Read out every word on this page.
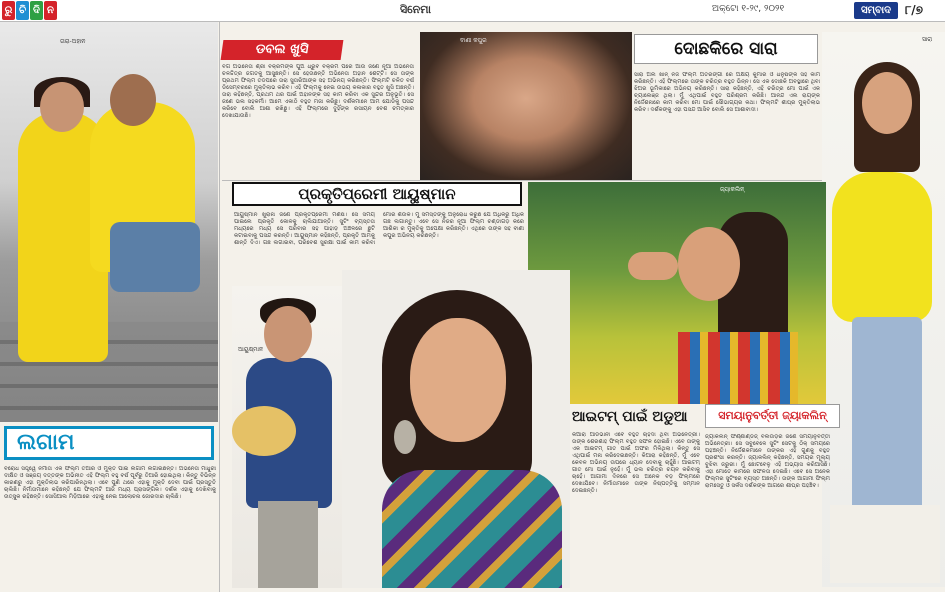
ରୁ ଚି ଦି ନ	ସିନେମା	ଅକ୍ଟୋ ୧-୨୯, ୨୦୨୧	ସମ୍ବାଦ	୮/୭
ତାରା-ଅହାନ
ଡବଲ ଖୁସି
ବିଗ ଅଭିନେତା ଶ୍ରୀ ବିକ୍ରମଙ୍କ ପୁଅ ଧ୍ରୁବ ବିକ୍ରମ ପରେ ଆଉ ଜଣେ ନୂଆ ଅଭିନେତା ଚଳଚ୍ଚିତ୍ର ଜଗତକୁ ଆସୁଛନ୍ତି। ସେ ହେଉଛନ୍ତି ଅଭିନେତା ଅହାନ ଶେଟ୍ଟି। ସେ ତାଙ୍କ ପ୍ରଥମ ଫିଲ୍ମ ତଡପରେ ତାରା ସୁତାରିଆଙ୍କ ସହ ଅଭିନୟ କରିଛନ୍ତି। ଫିଲ୍ମଟି ଚଳିତ ବର୍ଷ ଡିସେମ୍ବରରେ ମୁକ୍ତିଲାଭ କରିବ। ଏହି ଫିଲ୍ମକୁ ନେଇ ଉଭୟ କଳାକାର ବହୁତ ଖୁସି ଅଛନ୍ତି। ତାରା କହିଛନ୍ତି, ପ୍ରଥମ ଥର ପାଇଁ ଅହାନଙ୍କ ସହ କାମ କରିବା ଏକ ସୁନ୍ଦର ଅନୁଭୂତି। ସେ ଜଣେ ଭଲ ସହକର୍ମୀ। ଆମେ ଏକାଠି ବହୁତ ମଜା କରିଛୁ। ଦର୍ଶକମାନେ ଆମ ଯୋଡିକୁ ପସନ୍ଦ କରିବେ ବୋଲି ଆଶା ରଖିଛୁ। ଏହି ଫିଲ୍ମରେ ଦୁହିଁଙ୍କ ରସାୟନ ବେଶ ଚମତ୍କାର ଦେଖାଯାଉଛି।
ବାଣୀ କପୁର	ଦୋଛକିରେ ସାରା
ସାରା ଅଲି ଖାନ୍ ନିଜ ଫିଲ୍ମ ଅତରଙ୍ଗୀ ରେ ଅକ୍ଷୟ କୁମାର ଓ ଧନୁଷଙ୍କ ସହ କାମ କରିଛନ୍ତି। ଏହି ଫିଲ୍ମରେ ତାଙ୍କ ଚରିତ୍ର ବହୁତ ଭିନ୍ନ। ସେ ଏକ ଦୋଛକି ଅବସ୍ଥାରେ ଥିବା ଝିଅର ଭୂମିକାରେ ଅଭିନୟ କରିଛନ୍ତି। ସାରା କହିଛନ୍ତି, ଏହି ଚରିତ୍ର ମୋ ପାଇଁ ଏକ ଚ୍ୟାଲେଞ୍ଜ ଥିଲା। ମୁଁ ଏଥିପାଇଁ ବହୁତ ପରିଶ୍ରମ କରିଛି। ଆନନ୍ଦ ଏଲ ରାୟଙ୍କ ନିର୍ଦ୍ଦେଶନାରେ କାମ କରିବା ମୋ ପାଇଁ ସୌଭାଗ୍ୟର କଥା। ଫିଲ୍ମଟି ଶୀଘ୍ର ମୁକ୍ତିଲାଭ କରିବ। ଦର୍ଶକଙ୍କୁ ଏହା ପସନ୍ଦ ଆସିବ ବୋଲି ସେ ଆଶାବାଦୀ।
ସାରା
ପ୍ରକୃତିପ୍ରେମୀ ଆୟୁଷ୍ମାନ
ଆୟୁଷ୍ମାନ ଖୁରାନା ଜଣେ ପ୍ରକୃତିପ୍ରେମୀ ମଣିଷ। ସେ ସମୟ ପାଇଲେ ପ୍ରକୃତି କୋଳକୁ ଚାଲିଯାଆନ୍ତି। ସୁଟିଂ ବ୍ୟସ୍ତତା ମଧ୍ୟରେ ମଧ୍ୟ ସେ ପରିବାର ସହ ପାହାଡ଼ ଅଞ୍ଚଳରେ ଛୁଟି କଟାଇବାକୁ ପସନ୍ଦ କରନ୍ତି। ଆୟୁଷ୍ମାନ କହିଛନ୍ତି, ପ୍ରକୃତି ଆମକୁ ଶାନ୍ତି ଦିଏ। ଗଛ ଲଗାଇବା, ପରିବେଶ ସୁରକ୍ଷା ପାଇଁ କାମ କରିବା ମୋର ଶଉକ। ମୁଁ ସମସ୍ତଙ୍କୁ ଅନୁରୋଧ କରୁଛି ଯେ ଅଧିକରୁ ଅଧିକ ଗଛ ଲଗାନ୍ତୁ। ଏବେ ସେ ନିଜର ନୂଆ ଫିଲ୍ମ ଚଣ୍ଡୀଗଡ଼ କରେ ଆଶିକୀ ର ମୁକ୍ତିକୁ ଅପେକ୍ଷା କରିଛନ୍ତି। ଏଥିରେ ତାଙ୍କ ସହ ବାଣୀ କପୁର ଅଭିନୟ କରିଛନ୍ତି।
ଆୟୁଷ୍ମାନ
ଜ୍ୟାକଲିନ୍
ଆଇଟମ୍ ପାଇଁ ଅଡୁଆ
କିଆରା ଆଡଭାନୀ ଏବେ ବହୁତ ଚାହିଦା ଥିବା ଅଭିନେତ୍ରୀ। ତାଙ୍କ ଶେରଶାହ ଫିଲ୍ମ ବହୁତ ସଫଳ ହୋଇଛି। ଏବେ ତାଙ୍କୁ ଏକ ଆଇଟମ୍ ଗୀତ ପାଇଁ ଅଫର ମିଳିଥିଲା। କିନ୍ତୁ ସେ ଏଥିପାଇଁ ମନା କରିଦେଇଛନ୍ତି। କିଆରା କହିଛନ୍ତି, ମୁଁ ଏବେ କେବଳ ଅଭିନୟ ଉପରେ ଧ୍ୟାନ ଦେବାକୁ ଚାହୁଁଛି। ଆଇଟମ୍ ଗୀତ ମୋ ପାଇଁ ନୁହେଁ। ମୁଁ ଭଲ ଚରିତ୍ର ଚୟନ କରିବାକୁ ଚାହେଁ। ଆଗାମୀ ଦିନରେ ସେ ଅନେକ ବଡ଼ ଫିଲ୍ମରେ ଦେଖାଯିବେ। ନିର୍ମାତାମାନେ ତାଙ୍କ ନିଷ୍ପତ୍ତିକୁ ସମ୍ମାନ ଦେଇଛନ୍ତି।
ସମୟାନୁବର୍ତ୍ତୀ ଜ୍ୟାକଲିନ୍
ଜ୍ୟାକଲିନ୍ ଫର୍ଣ୍ଣାଣ୍ଡିଜ୍ ବଲିଉଡ଼ର ଜଣେ ସମୟାନୁବର୍ତ୍ତୀ ଅଭିନେତ୍ରୀ। ସେ ସବୁବେଳେ ସୁଟିଂ ସେଟକୁ ଠିକ୍ ସମୟରେ ପହଞ୍ଚନ୍ତି। ନିର୍ଦ୍ଦେଶକମାନେ ତାଙ୍କର ଏହି ଗୁଣକୁ ବହୁତ ପ୍ରଶଂସା କରନ୍ତି। ଜ୍ୟାକଲିନ୍ କହିଛନ୍ତି, ସମୟର ମୂଲ୍ୟ ବୁଝିବା ଜରୁରୀ। ମୁଁ ଛୋଟବେଳୁ ଏହି ଅଭ୍ୟାସ କରିଆସିଛି। ଏହା ମୋତେ କାମରେ ସଫଳତା ଦେଇଛି। ଏବେ ସେ ଅନେକ ଫିଲ୍ମର ସୁଟିଂରେ ବ୍ୟସ୍ତ ଅଛନ୍ତି। ତାଙ୍କ ଆଗାମୀ ଫିଲ୍ମ ରାମସେତୁ ଓ ସର୍କସ ଦର୍ଶକଙ୍କ ଆଗରେ ଶୀଘ୍ର ପହଞ୍ଚିବ।
ଲଗାମ
ବିରୋଧ ସତ୍ତ୍ୱେ ନିର୍ମାତା ଏକ ଫିଲ୍ମ ତିଆରି ଓ ମୁକ୍ତି ପାଇଁ ଲଗାମ ଲଗାଇଛନ୍ତି। ଅଭିନେତା ମାଧୁରୀ ଦୀକ୍ଷିତ ଓ ସଞ୍ଜୟ ଦତ୍ତଙ୍କ ଅଭିନୀତ ଏହି ଫିଲ୍ମ ବହୁ ବର୍ଷ ପୂର୍ବରୁ ତିଆରି ହୋଇଥିଲା। କିନ୍ତୁ ବିଭିନ୍ନ କାରଣରୁ ଏହା ମୁକ୍ତିଲାଭ କରିପାରିନଥିଲା। ଏବେ ପୁଣି ଥରେ ଏହାକୁ ମୁକ୍ତି ଦେବା ପାଇଁ ପ୍ରସ୍ତୁତି ଚାଲିଛି। ନିର୍ମାତାମାନେ କହିଛନ୍ତି ଯେ ଫିଲ୍ମଟି ଆଜି ମଧ୍ୟ ପ୍ରାସଙ୍ଗିକ। ଦର୍ଶକ ଏହାକୁ ଦେଖିବାକୁ ଉତ୍ସୁକ ରହିଛନ୍ତି। ସୋସିଆଲ ମିଡ଼ିଆରେ ଏହାକୁ ନେଇ ଆଲୋଚନା ଜୋରଦାର ଚାଲିଛି।
